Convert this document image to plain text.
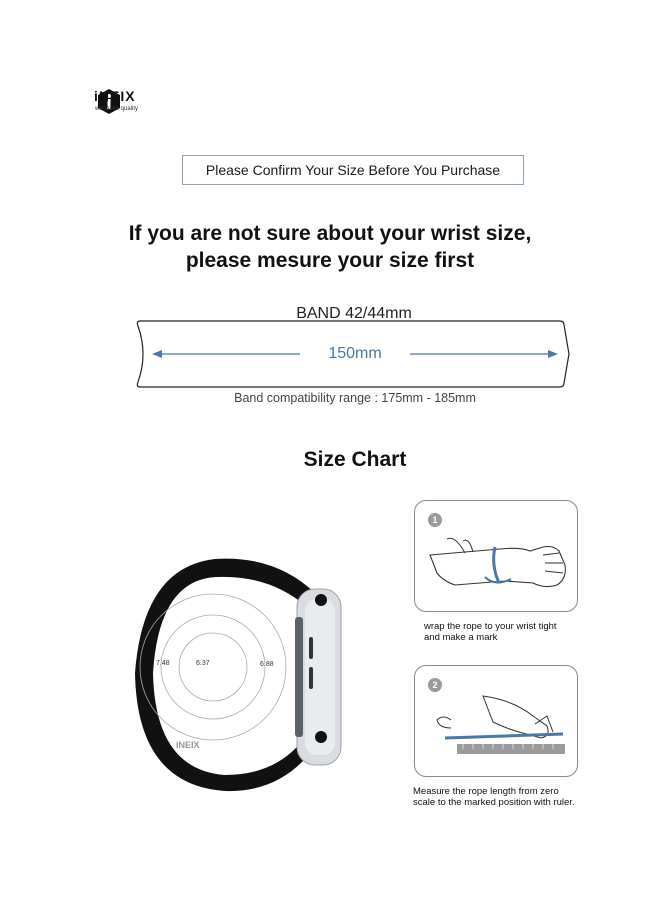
iNEIX
we make quality
Please Confirm Your Size Before You Purchase
If you are not sure about your wrist size,
please mesure your size first
BAND 42/44mm
150mm
Band compatibility range : 175mm - 185mm
Size Chart
7.48	6.37	6.88
iNEIX
1
wrap the rope to your wrist tight
and make a mark
2
Measure the rope length from zero
scale to the marked position with ruler.
